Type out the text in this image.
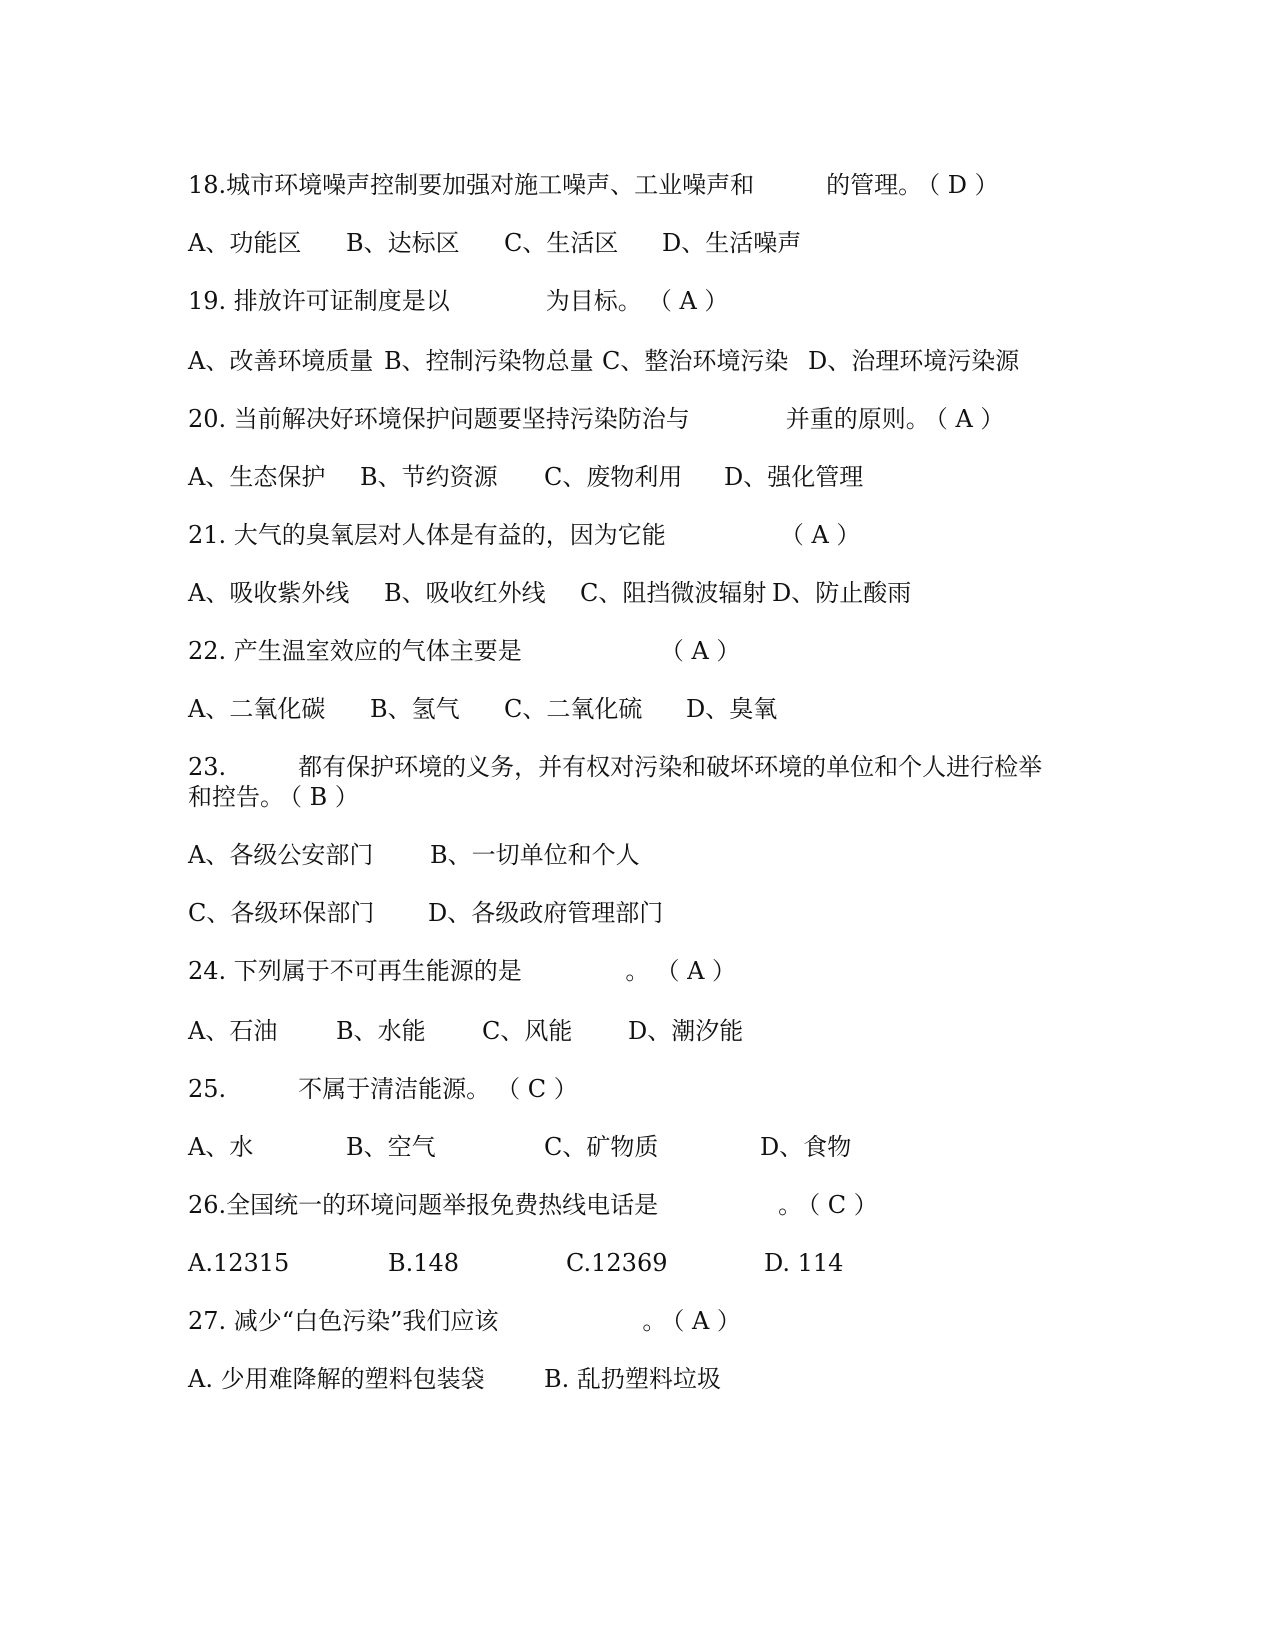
18.城市环境噪声控制要加强对施工噪声、工业噪声和　　　的管理。 （ D ）
A、功能区 B、达标区 C、生活区 D、生活噪声
19. 排放许可证制度是以　　　　为目标。　（ A ）
A、改善环境质量 B、控制污染物总量 C、整治环境污染 D、治理环境污染源
20. 当前解决好环境保护问题要坚持污染防治与　　　　并重的原则。 （ A ）
A、生态保护 B、节约资源 C、废物利用 D、强化管理
21. 大气的臭氧层对人体是有益的，因为它能　　　　　（ A ）
A、吸收紫外线 B、吸收红外线 C、阻挡微波辐射 D、防止酸雨
22. 产生温室效应的气体主要是　　　　　　（ A ）
A、二氧化碳 B、氢气 C、二氧化硫 D、臭氧
23.　　　都有保护环境的义务，并有权对污染和破坏环境的单位和个人进行检举
和控告。 （ B ）
A、各级公安部门 B、一切单位和个人
C、各级环保部门 D、各级政府管理部门
24. 下列属于不可再生能源的是　　　　 。　（ A ）
A、石油 B、水能 C、风能 D、潮汐能
25.　　　不属于清洁能源。　（ C ）
A、水	B、空气	C、矿物质	D、食物
26.全国统一的环境问题举报免费热线电话是　　　　　。 （ C ）
A.12315	B.148	C.12369	D. 114
27. 减少“白色污染”我们应该　　　　　　。 （ A ）
A. 少用难降解的塑料包装袋 B. 乱扔塑料垃圾
